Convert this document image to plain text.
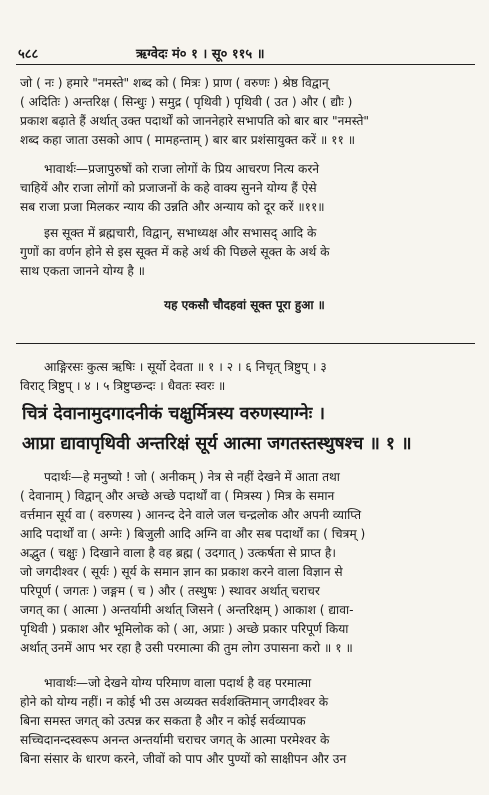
५८८	ऋग्वेदः मं० १ । सू० ११५ ॥
जो ( नः ) हमारे "नमस्ते" शब्द को ( मित्रः ) प्राण ( वरुणः ) श्रेष्ठ विद्वान्
( अदितिः ) अन्तरिक्ष ( सिन्धुः ) समुद्र ( पृथिवी ) पृथिवी ( उत ) और ( द्यौः )
प्रकाश बढ़ाते हैं अर्थात् उक्त पदार्थों को जाननेहारे सभापति को बार बार "नमस्ते"
शब्द कहा जाता उसको आप ( मामहन्ताम् ) बार बार प्रशंसायुक्त करें ॥ ११ ॥
भावार्थः—प्रजापुरुषों को राजा लोगों के प्रिय आचरण नित्य करने
चाहियें और राजा लोगों को प्रजाजनों के कहे वाक्य सुनने योग्य हैं ऐसे
सब राजा प्रजा मिलकर न्याय की उन्नति और अन्याय को दूर करें ॥११॥
इस सूक्त में ब्रह्मचारी, विद्वान्, सभाध्यक्ष और सभासद् आदि के
गुणों का वर्णन होने से इस सूक्त में कहे अर्थ की पिछले सूक्त के अर्थ के
साथ एकता जानने योग्य है ॥
यह एकसौ चौदहवां सूक्त पूरा हुआ ॥
आङ्गिरसः कुत्स ऋषिः । सूर्यो देवता ॥ १ । २ । ६ निचृत् त्रिष्टुप् । ३
विराट् त्रिष्टुप् । ४ । ५ त्रिष्टुप्छन्दः । धैवतः स्वरः ॥
चित्रं देवानामुदगादनीकं चक्षुर्मित्रस्य वरुणस्याग्नेः ।
आप्रा द्यावापृथिवी अन्तरिक्षं सूर्य आत्मा जगतस्तस्थुषश्च ॥ १ ॥
पदार्थः—हे मनुष्यो ! जो ( अनीकम् ) नेत्र से नहीं देखने में आता तथा
( देवानाम् ) विद्वान् और अच्छे अच्छे पदार्थों वा ( मित्रस्य ) मित्र के समान
वर्त्तमान सूर्य वा ( वरुणस्य ) आनन्द देने वाले जल चन्द्रलोक और अपनी व्याप्ति
आदि पदार्थों वा ( अग्नेः ) बिजुली आदि अग्नि वा और सब पदार्थों का ( चित्रम् )
अद्भुत ( चक्षुः ) दिखाने वाला है वह ब्रह्म ( उदगात् ) उत्कर्षता से प्राप्त है।
जो जगदीश्वर ( सूर्यः ) सूर्य के समान ज्ञान का प्रकाश करने वाला विज्ञान से
परिपूर्ण ( जगतः ) जङ्गम ( च ) और ( तस्थुषः ) स्थावर अर्थात् चराचर
जगत् का ( आत्मा ) अन्तर्यामी अर्थात् जिसने ( अन्तरिक्षम् ) आकाश ( द्यावा-
पृथिवी ) प्रकाश और भूमिलोक को ( आ, अप्राः ) अच्छे प्रकार परिपूर्ण किया
अर्थात् उनमें आप भर रहा है उसी परमात्मा की तुम लोग उपासना करो ॥ १ ॥
भावार्थः—जो देखने योग्य परिमाण वाला पदार्थ है वह परमात्मा
होने को योग्य नहीं। न कोई भी उस अव्यक्त सर्वशक्तिमान् जगदीश्वर के
बिना समस्त जगत् को उत्पन्न कर सकता है और न कोई सर्वव्यापक
सच्चिदानन्दस्वरूप अनन्त अन्तर्यामी चराचर जगत् के आत्मा परमेश्वर के
बिना संसार के धारण करने, जीवों को पाप और पुण्यों को साक्षीपन और उन
